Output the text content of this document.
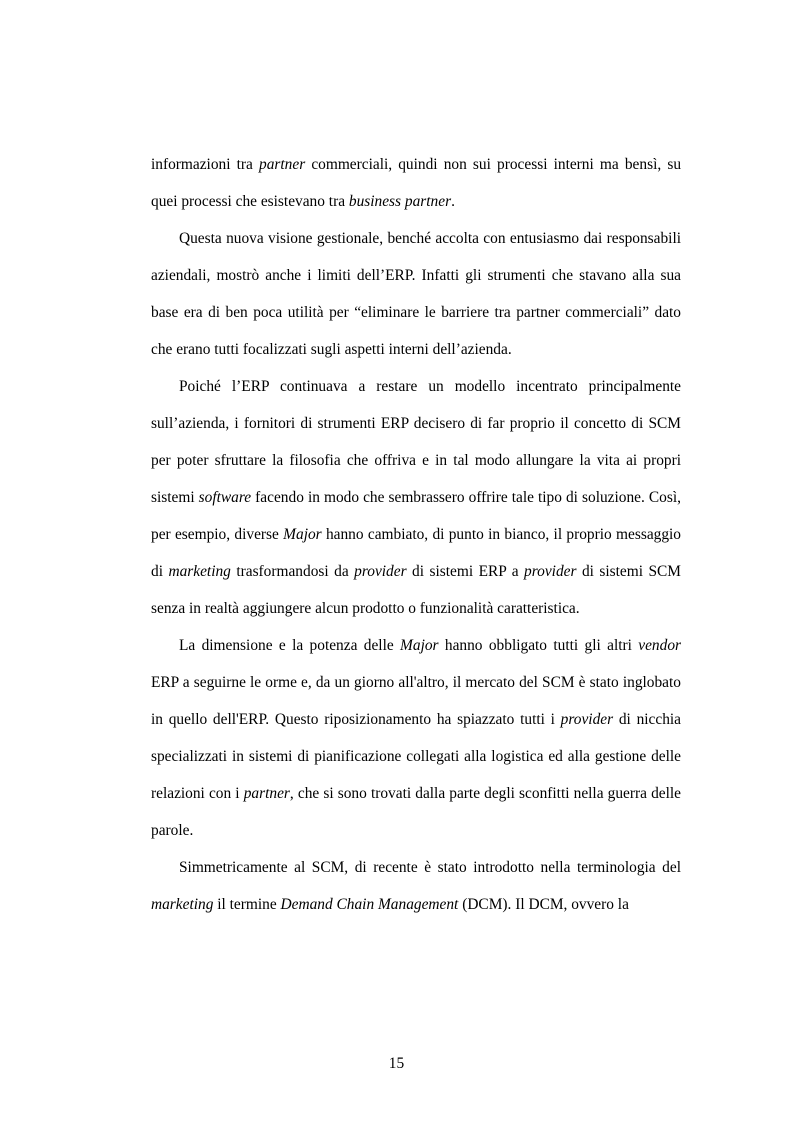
informazioni tra partner commerciali, quindi non sui processi interni ma bensì, su quei processi che esistevano tra business partner.

Questa nuova visione gestionale, benché accolta con entusiasmo dai responsabili aziendali, mostrò anche i limiti dell’ERP. Infatti gli strumenti che stavano alla sua base era di ben poca utilità per “eliminare le barriere tra partner commerciali” dato che erano tutti focalizzati sugli aspetti interni dell’azienda.

Poiché l’ERP continuava a restare un modello incentrato principalmente sull’azienda, i fornitori di strumenti ERP decisero di far proprio il concetto di SCM per poter sfruttare la filosofia che offriva e in tal modo allungare la vita ai propri sistemi software facendo in modo che sembrassero offrire tale tipo di soluzione. Così, per esempio, diverse Major hanno cambiato, di punto in bianco, il proprio messaggio di marketing trasformandosi da provider di sistemi ERP a provider di sistemi SCM senza in realtà aggiungere alcun prodotto o funzionalità caratteristica.

La dimensione e la potenza delle Major hanno obbligato tutti gli altri vendor ERP a seguirne le orme e, da un giorno all'altro, il mercato del SCM è stato inglobato in quello dell'ERP. Questo riposizionamento ha spiazzato tutti i provider di nicchia specializzati in sistemi di pianificazione collegati alla logistica ed alla gestione delle relazioni con i partner, che si sono trovati dalla parte degli sconfitti nella guerra delle parole.

Simmetricamente al SCM, di recente è stato introdotto nella terminologia del marketing il termine Demand Chain Management (DCM). Il DCM, ovvero la

15
